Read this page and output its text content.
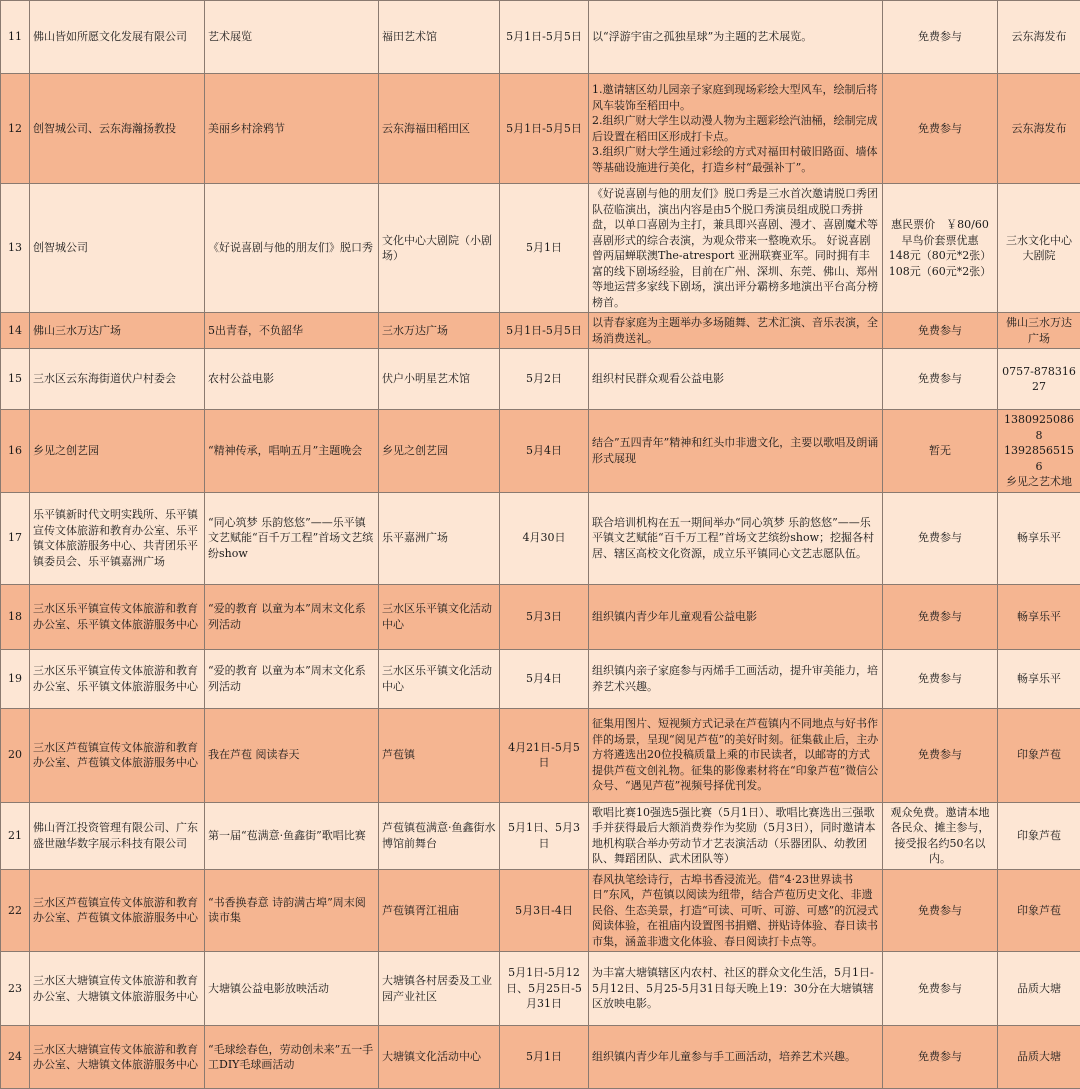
11	佛山皆如所愿文化发展有限公司	艺术展览	福田艺术馆	5月1日-5月5日	以“浮游宇宙之孤独星球”为主题的艺术展览。	免费参与	云东海发布
12	创智城公司、云东海瀚扬教投	美丽乡村涂鸦节	云东海福田稻田区	5月1日-5月5日	1.邀请辖区幼儿园亲子家庭到现场彩绘大型风车，绘制后将风车装饰至稻田中。
2.组织广财大学生以动漫人物为主题彩绘汽油桶，绘制完成后设置在稻田区形成打卡点。
3.组织广财大学生通过彩绘的方式对福田村破旧路面、墙体等基础设施进行美化，打造乡村“最强补丁”。	免费参与	云东海发布
13	创智城公司	《好说喜剧与他的朋友们》脱口秀	文化中心大剧院（小剧场）	5月1日	《好说喜剧与他的朋友们》脱口秀是三水首次邀请脱口秀团队莅临演出，演出内容是由5个脱口秀演员组成脱口秀拼盘，以单口喜剧为主打，兼具即兴喜剧、漫才、喜剧魔术等喜剧形式的综合表演，为观众带来一整晚欢乐。 好说喜剧曾两届蝉联澳The-atresport 亚洲联赛亚军。同时拥有丰富的线下剧场经验，目前在广州、深圳、东莞、佛山、郑州等地运营多家线下剧场，演出评分霸榜多地演出平台高分榜榜首。	惠民票价　￥80/60
早鸟价套票优惠
148元（80元*2张）
108元（60元*2张）	三水文化中心大剧院
14	佛山三水万达广场	5出青春，不负韶华	三水万达广场	5月1日-5月5日	以青春家庭为主题举办多场随舞、艺术汇演、音乐表演，全场消费送礼。	免费参与	佛山三水万达广场
15	三水区云东海街道伏户村委会	农村公益电影	伏户小明星艺术馆	5月2日	组织村民群众观看公益电影	免费参与	0757-87831627
16	乡见之创艺园	“精神传承，唱响五月”主题晚会	乡见之创艺园	5月4日	结合”五四青年”精神和红头巾非遗文化，主要以歌唱及朗诵形式展现	暂无	13809250868
13928565156
乡见之艺术地
17	乐平镇新时代文明实践所、乐平镇宣传文体旅游和教育办公室、乐平镇文体旅游服务中心、共青团乐平镇委员会、乐平镇嘉洲广场	“同心筑梦 乐韵悠悠”——乐平镇文艺赋能“百千万工程”首场文艺缤纷show	乐平嘉洲广场	4月30日	联合培训机构在五一期间举办“同心筑梦 乐韵悠悠”——乐平镇文艺赋能“百千万工程”首场文艺缤纷show；挖掘各村居、辖区高校文化资源，成立乐平镇同心文艺志愿队伍。	免费参与	畅享乐平
18	三水区乐平镇宣传文体旅游和教育办公室、乐平镇文体旅游服务中心	“爱的教育 以童为本”周末文化系列活动	三水区乐平镇文化活动中心	5月3日	组织镇内青少年儿童观看公益电影	免费参与	畅享乐平
19	三水区乐平镇宣传文体旅游和教育办公室、乐平镇文体旅游服务中心	“爱的教育 以童为本”周末文化系列活动	三水区乐平镇文化活动中心	5月4日	组织镇内亲子家庭参与丙烯手工画活动，提升审美能力，培养艺术兴趣。	免费参与	畅享乐平
20	三水区芦苞镇宣传文体旅游和教育办公室、芦苞镇文体旅游服务中心	我在芦苞 阅读春天	芦苞镇	4月21日-5月5日	征集用图片、短视频方式记录在芦苞镇内不同地点与好书作伴的场景，呈现“阅见芦苞”的美好时刻。征集截止后，主办方将遴选出20位投稿质量上乘的市民读者，以邮寄的方式提供芦苞文创礼物。征集的影像素材将在“印象芦苞”微信公众号、“遇见芦苞”视频号择优刊发。	免费参与	印象芦苞
21	佛山胥江投资管理有限公司、广东盛世融华数字展示科技有限公司	第一届“苞满意·鱼鑫街”歌唱比赛	芦苞镇苞满意·鱼鑫街水博馆前舞台	5月1日、5月3日	歌唱比赛10强选5强比赛（5月1日）、歌唱比赛选出三强歌手并获得最后大额消费券作为奖励（5月3日），同时邀请本地机构联合举办劳动节才艺表演活动（乐器团队、幼教团队、舞蹈团队、武术团队等）	观众免费。邀请本地各民众、摊主参与，接受报名约50名以内。	印象芦苞
22	三水区芦苞镇宣传文体旅游和教育办公室、芦苞镇文体旅游服务中心	“书香换春意 诗韵满古埠”周末阅读市集	芦苞镇胥江祖庙	5月3日-4日	春风执笔绘诗行，古埠书香浸流光。借“4·23世界读书日”东风，芦苞镇以阅读为纽带，结合芦苞历史文化、非遗民俗、生态美景，打造“可读、可听、可游、可感”的沉浸式阅读体验，在祖庙内设置图书捐赠、拼贴诗体验、春日读书市集，涵盖非遗文化体验、春日阅读打卡点等。	免费参与	印象芦苞
23	三水区大塘镇宣传文体旅游和教育办公室、大塘镇文体旅游服务中心	大塘镇公益电影放映活动	大塘镇各村居委及工业园产业社区	5月1日-5月12日、5月25日-5月31日	为丰富大塘镇辖区内农村、社区的群众文化生活，5月1日-5月12日、5月25-5月31日每天晚上19：30分在大塘镇辖区放映电影。	免费参与	品质大塘
24	三水区大塘镇宣传文体旅游和教育办公室、大塘镇文体旅游服务中心	“毛球绘春色，劳动创未来”五一手工DIY毛球画活动	大塘镇文化活动中心	5月1日	组织镇内青少年儿童参与手工画活动，培养艺术兴趣。	免费参与	品质大塘
